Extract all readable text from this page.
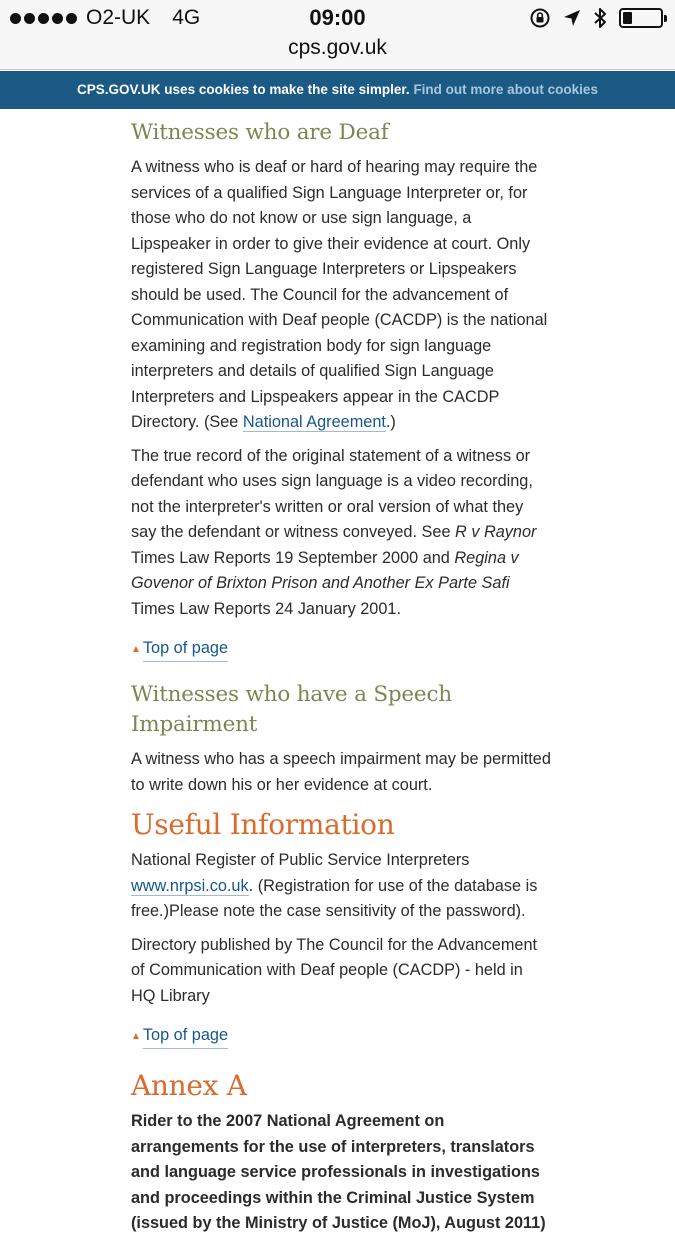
O2-UK 4G	09:00
cps.gov.uk
CPS.GOV.UK uses cookies to make the site simpler. Find out more about cookies
Witnesses who are Deaf

A witness who is deaf or hard of hearing may require the services of a qualified Sign Language Interpreter or, for those who do not know or use sign language, a Lipspeaker in order to give their evidence at court. Only registered Sign Language Interpreters or Lipspeakers should be used. The Council for the advancement of Communication with Deaf people (CACDP) is the national examining and registration body for sign language interpreters and details of qualified Sign Language Interpreters and Lipspeakers appear in the CACDP Directory. (See National Agreement.)

The true record of the original statement of a witness or defendant who uses sign language is a video recording, not the interpreter's written or oral version of what they say the defendant or witness conveyed. See R v Raynor Times Law Reports 19 September 2000 and Regina v Govenor of Brixton Prison and Another Ex Parte Safi Times Law Reports 24 January 2001.

▲ Top of page
Witnesses who have a Speech Impairment

A witness who has a speech impairment may be permitted to write down his or her evidence at court.

Useful Information

National Register of Public Service Interpreters www.nrpsi.co.uk. (Registration for use of the database is free.)Please note the case sensitivity of the password).

Directory published by The Council for the Advancement of Communication with Deaf people (CACDP) - held in HQ Library

▲ Top of page
Annex A

Rider to the 2007 National Agreement on arrangements for the use of interpreters, translators and language service professionals in investigations and proceedings within the Criminal Justice System (issued by the Ministry of Justice (MoJ), August 2011)
